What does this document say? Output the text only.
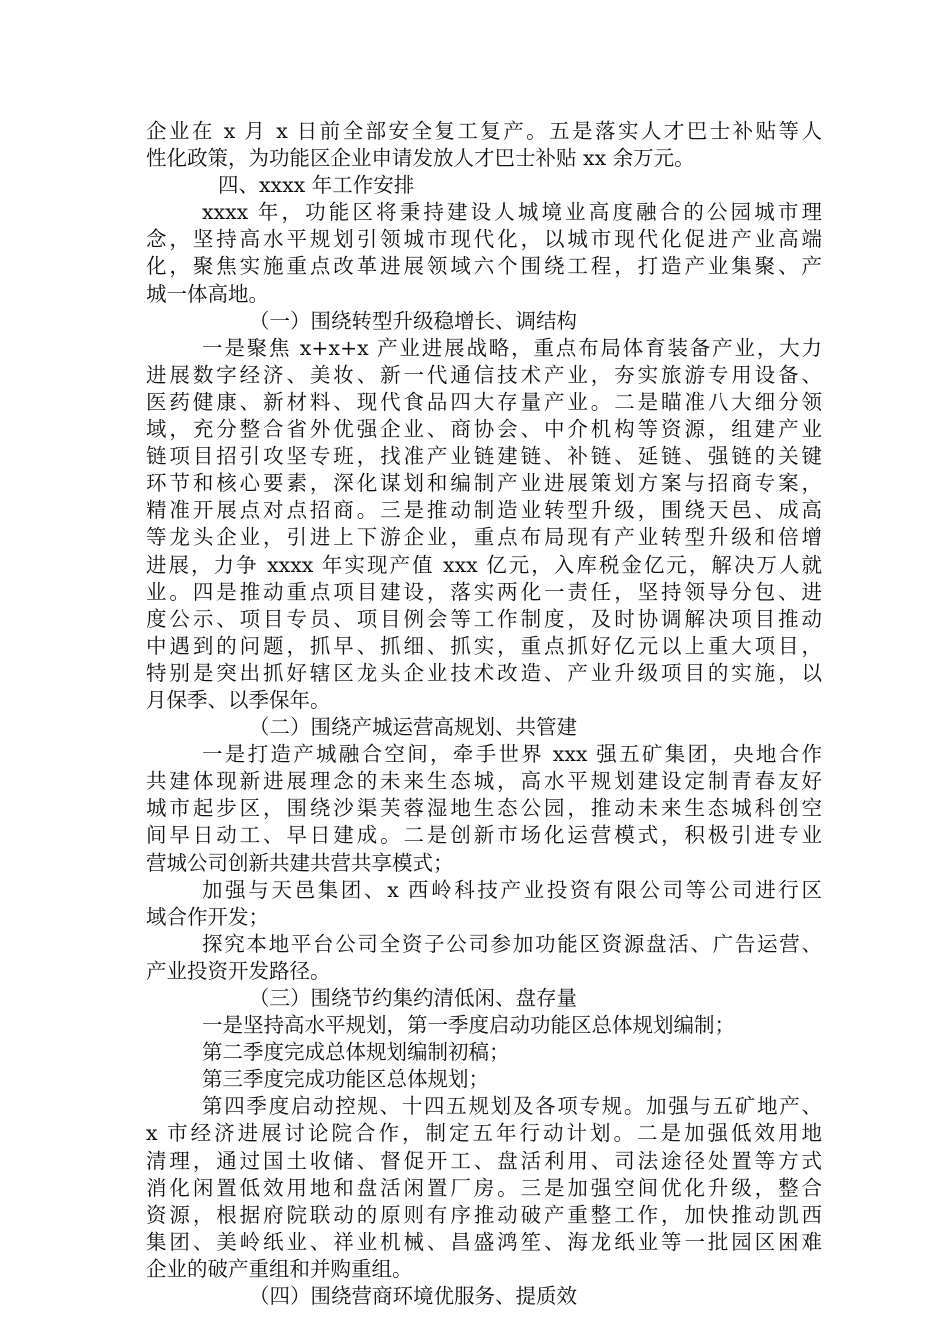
企业在 x 月 x 日前全部安全复工复产。五是落实人才巴士补贴等人
性化政策，为功能区企业申请发放人才巴士补贴 xx 余万元。
四、xxxx 年工作安排
xxxx 年，功能区将秉持建设人城境业高度融合的公园城市理
念，坚持高水平规划引领城市现代化，以城市现代化促进产业高端
化，聚焦实施重点改革进展领域六个围绕工程，打造产业集聚、产
城一体高地。
（一）围绕转型升级稳增长、调结构
一是聚焦 x+x+x 产业进展战略，重点布局体育装备产业，大力
进展数字经济、美妆、新一代通信技术产业，夯实旅游专用设备、
医药健康、新材料、现代食品四大存量产业。二是瞄准八大细分领
域，充分整合省外优强企业、商协会、中介机构等资源，组建产业
链项目招引攻坚专班，找准产业链建链、补链、延链、强链的关键
环节和核心要素，深化谋划和编制产业进展策划方案与招商专案，
精准开展点对点招商。三是推动制造业转型升级，围绕天邑、成高
等龙头企业，引进上下游企业，重点布局现有产业转型升级和倍增
进展，力争 xxxx 年实现产值 xxx 亿元，入库税金亿元，解决万人就
业。四是推动重点项目建设，落实两化一责任，坚持领导分包、进
度公示、项目专员、项目例会等工作制度，及时协调解决项目推动
中遇到的问题，抓早、抓细、抓实，重点抓好亿元以上重大项目，
特别是突出抓好辖区龙头企业技术改造、产业升级项目的实施，以
月保季、以季保年。
（二）围绕产城运营高规划、共管建
一是打造产城融合空间，牵手世界 xxx 强五矿集团，央地合作
共建体现新进展理念的未来生态城，高水平规划建设定制青春友好
城市起步区，围绕沙渠芙蓉湿地生态公园，推动未来生态城科创空
间早日动工、早日建成。二是创新市场化运营模式，积极引进专业
营城公司创新共建共营共享模式；
加强与天邑集团、x 西岭科技产业投资有限公司等公司进行区
域合作开发；
探究本地平台公司全资子公司参加功能区资源盘活、广告运营、
产业投资开发路径。
（三）围绕节约集约清低闲、盘存量
一是坚持高水平规划，第一季度启动功能区总体规划编制；
第二季度完成总体规划编制初稿；
第三季度完成功能区总体规划；
第四季度启动控规、十四五规划及各项专规。加强与五矿地产、
x 市经济进展讨论院合作，制定五年行动计划。二是加强低效用地
清理，通过国土收储、督促开工、盘活利用、司法途径处置等方式
消化闲置低效用地和盘活闲置厂房。三是加强空间优化升级，整合
资源，根据府院联动的原则有序推动破产重整工作，加快推动凯西
集团、美岭纸业、祥业机械、昌盛鸿笙、海龙纸业等一批园区困难
企业的破产重组和并购重组。
（四）围绕营商环境优服务、提质效
